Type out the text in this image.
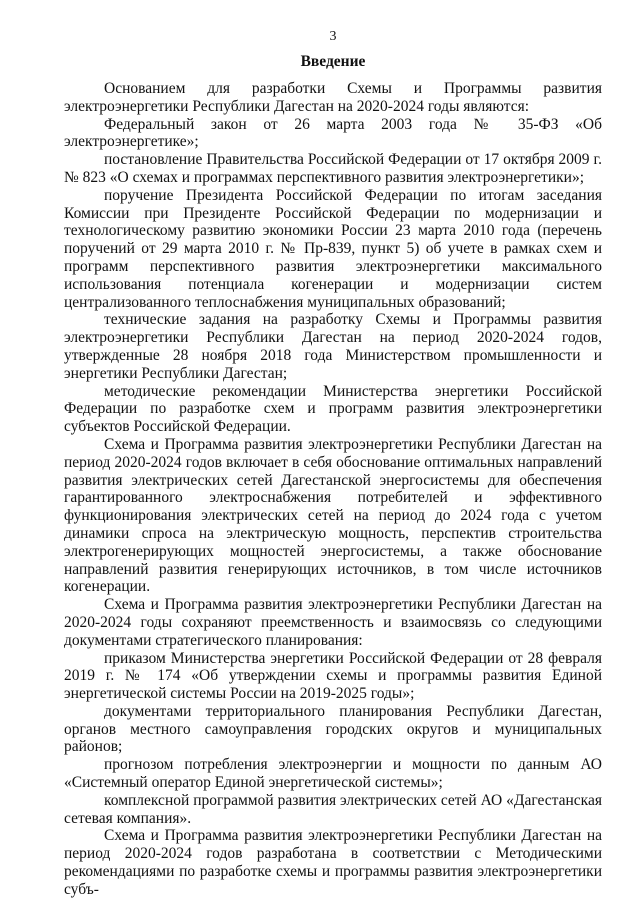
3
Введение

Основанием для разработки Схемы и Программы развития электроэнергетики Республики Дагестан на 2020-2024 годы являются:

Федеральный закон от 26 марта 2003 года № 35-ФЗ «Об электроэнергетике»;

постановление Правительства Российской Федерации от 17 октября 2009 г. № 823 «О схемах и программах перспективного развития электроэнергетики»;

поручение Президента Российской Федерации по итогам заседания Комиссии при Президенте Российской Федерации по модернизации и технологическому развитию экономики России 23 марта 2010 года (перечень поручений от 29 марта 2010 г. № Пр-839, пункт 5) об учете в рамках схем и программ перспективного развития электроэнергетики максимального использования потенциала когенерации и модернизации систем централизованного теплоснабжения муниципальных образований;

технические задания на разработку Схемы и Программы развития электроэнергетики Республики Дагестан на период 2020-2024 годов, утвержденные 28 ноября 2018 года Министерством промышленности и энергетики Республики Дагестан;

методические рекомендации Министерства энергетики Российской Федерации по разработке схем и программ развития электроэнергетики субъектов Российской Федерации.

Схема и Программа развития электроэнергетики Республики Дагестан на период 2020-2024 годов включает в себя обоснование оптимальных направлений развития электрических сетей Дагестанской энергосистемы для обеспечения гарантированного электроснабжения потребителей и эффективного функционирования электрических сетей на период до 2024 года с учетом динамики спроса на электрическую мощность, перспектив строительства электрогенерирующих мощностей энергосистемы, а также обоснование направлений развития генерирующих источников, в том числе источников когенерации.

Схема и Программа развития электроэнергетики Республики Дагестан на 2020-2024 годы сохраняют преемственность и взаимосвязь со следующими документами стратегического планирования:

приказом Министерства энергетики Российской Федерации от 28 февраля 2019 г. № 174 «Об утверждении схемы и программы развития Единой энергетической системы России на 2019-2025 годы»;

документами территориального планирования Республики Дагестан, органов местного самоуправления городских округов и муниципальных районов;

прогнозом потребления электроэнергии и мощности по данным АО «Системный оператор Единой энергетической системы»;

комплексной программой развития электрических сетей АО «Дагестанская сетевая компания».

Схема и Программа развития электроэнергетики Республики Дагестан на период 2020-2024 годов разработана в соответствии с Методическими рекомендациями по разработке схемы и программы развития электроэнергетики субъ-
